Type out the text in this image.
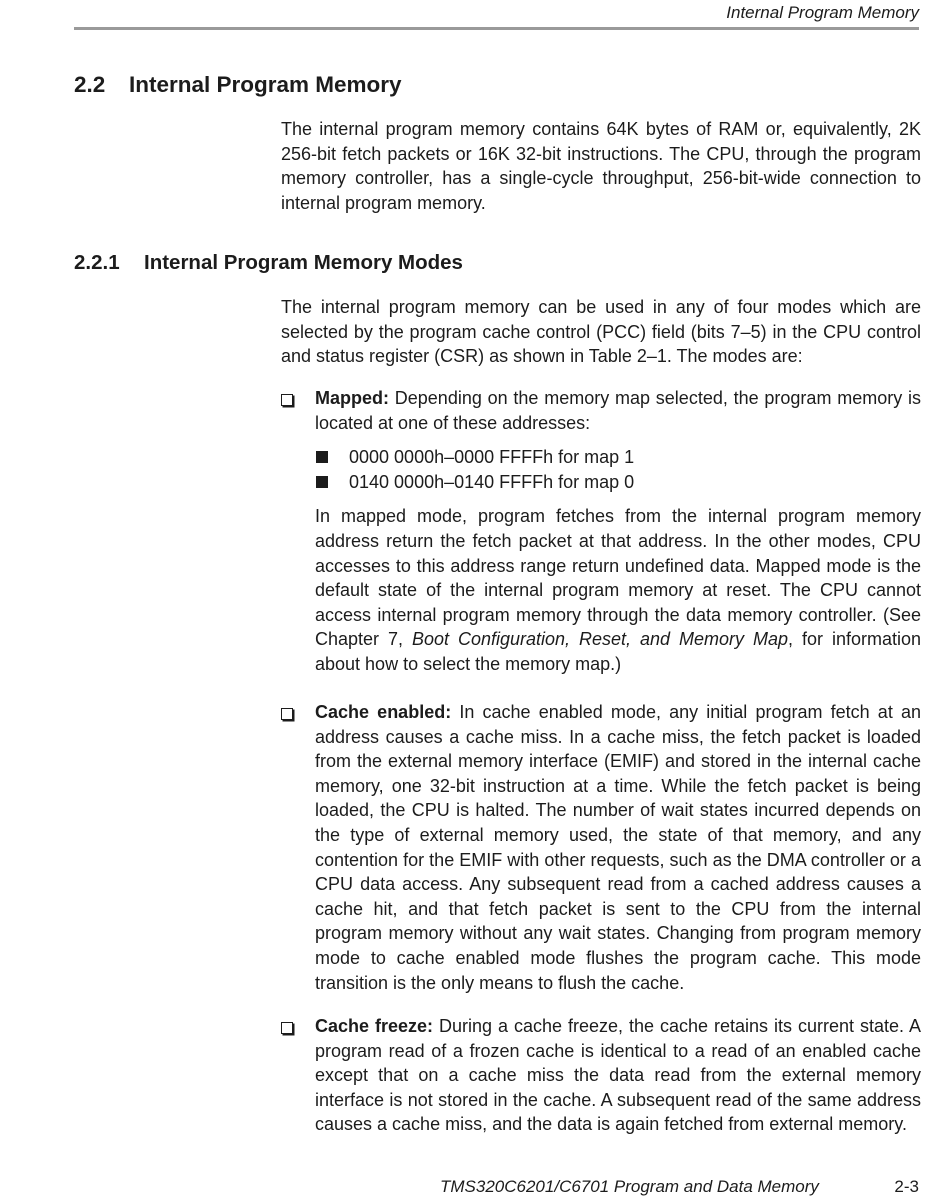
Internal Program Memory
2.2 Internal Program Memory

The internal program memory contains 64K bytes of RAM or, equivalently, 2K 256-bit fetch packets or 16K 32-bit instructions. The CPU, through the program memory controller, has a single-cycle throughput, 256-bit-wide connection to internal program memory.

2.2.1 Internal Program Memory Modes

The internal program memory can be used in any of four modes which are selected by the program cache control (PCC) field (bits 7–5) in the CPU control and status register (CSR) as shown in Table 2–1. The modes are:

Mapped: Depending on the memory map selected, the program memory is located at one of these addresses:
0000 0000h–0000 FFFFh for map 1
0140 0000h–0140 FFFFh for map 0

In mapped mode, program fetches from the internal program memory address return the fetch packet at that address. In the other modes, CPU accesses to this address range return undefined data. Mapped mode is the default state of the internal program memory at reset. The CPU cannot access internal program memory through the data memory controller. (See Chapter 7, Boot Configuration, Reset, and Memory Map, for information about how to select the memory map.)

Cache enabled: In cache enabled mode, any initial program fetch at an address causes a cache miss. In a cache miss, the fetch packet is loaded from the external memory interface (EMIF) and stored in the internal cache memory, one 32-bit instruction at a time. While the fetch packet is being loaded, the CPU is halted. The number of wait states incurred depends on the type of external memory used, the state of that memory, and any contention for the EMIF with other requests, such as the DMA controller or a CPU data access. Any subsequent read from a cached address causes a cache hit, and that fetch packet is sent to the CPU from the internal program memory without any wait states. Changing from program memory mode to cache enabled mode flushes the program cache. This mode transition is the only means to flush the cache.
Cache freeze: During a cache freeze, the cache retains its current state. A program read of a frozen cache is identical to a read of an enabled cache except that on a cache miss the data read from the external memory interface is not stored in the cache. A subsequent read of the same address causes a cache miss, and the data is again fetched from external memory.
TMS320C6201/C6701 Program and Data Memory	2-3
